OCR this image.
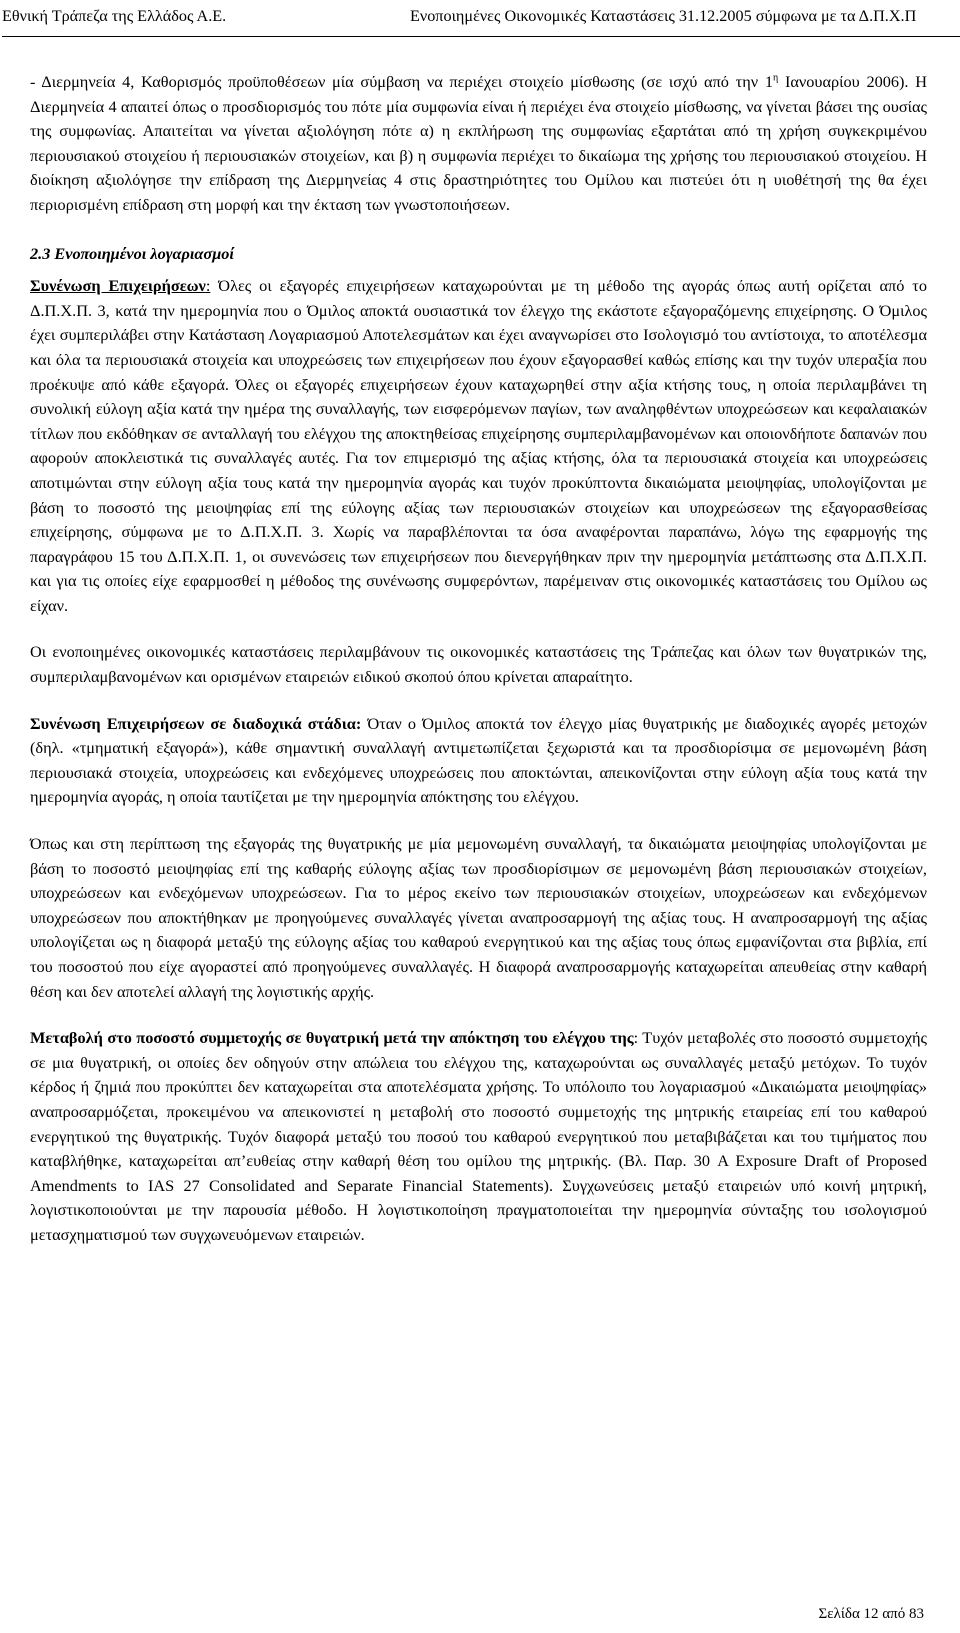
Εθνική Τράπεζα της Ελλάδος Α.Ε.	Ενοποιημένες Οικονομικές Καταστάσεις 31.12.2005 σύμφωνα με τα Δ.Π.Χ.Π

- Διερμηνεία 4, Καθορισμός προϋποθέσεων μία σύμβαση να περιέχει στοιχείο μίσθωσης (σε ισχύ από την $1^\eta$ Ιανουαρίου 2006). Η Διερμηνεία 4 απαιτεί όπως ο προσδιορισμός του πότε μία συμφωνία είναι ή περιέχει ένα στοιχείο μίσθωσης, να γίνεται βάσει της ουσίας της συμφωνίας. Απαιτείται να γίνεται αξιολόγηση πότε α) η εκπλήρωση της συμφωνίας εξαρτάται από τη χρήση συγκεκριμένου περιουσιακού στοιχείου ή περιουσιακών στοιχείων, και β) η συμφωνία περιέχει το δικαίωμα της χρήσης του περιουσιακού στοιχείου. Η διοίκηση αξιολόγησε την επίδραση της Διερμηνείας 4 στις δραστηριότητες του Ομίλου και πιστεύει ότι η υιοθέτησή της θα έχει περιορισμένη επίδραση στη μορφή και την έκταση των γνωστοποιήσεων.

2.3 Ενοποιημένοι λογαριασμοί

Συνένωση Επιχειρήσεων: Όλες οι εξαγορές επιχειρήσεων καταχωρούνται με τη μέθοδο της αγοράς όπως αυτή ορίζεται από το Δ.Π.Χ.Π. 3, κατά την ημερομηνία που ο Όμιλος αποκτά ουσιαστικά τον έλεγχο της εκάστοτε εξαγοραζόμενης επιχείρησης. Ο Όμιλος έχει συμπεριλάβει στην Κατάσταση Λογαριασμού Αποτελεσμάτων και έχει αναγνωρίσει στο Ισολογισμό του αντίστοιχα, το αποτέλεσμα και όλα τα περιουσιακά στοιχεία και υποχρεώσεις των επιχειρήσεων που έχουν εξαγορασθεί καθώς επίσης και την τυχόν υπεραξία που προέκυψε από κάθε εξαγορά. Όλες οι εξαγορές επιχειρήσεων έχουν καταχωρηθεί στην αξία κτήσης τους, η οποία περιλαμβάνει τη συνολική εύλογη αξία κατά την ημέρα της συναλλαγής, των εισφερόμενων παγίων, των αναληφθέντων υποχρεώσεων και κεφαλαιακών τίτλων που εκδόθηκαν σε ανταλλαγή του ελέγχου της αποκτηθείσας επιχείρησης συμπεριλαμβανομένων και οποιονδήποτε δαπανών που αφορούν αποκλειστικά τις συναλλαγές αυτές. Για τον επιμερισμό της αξίας κτήσης, όλα τα περιουσιακά στοιχεία και υποχρεώσεις αποτιμώνται στην εύλογη αξία τους κατά την ημερομηνία αγοράς και τυχόν προκύπτοντα δικαιώματα μειοψηφίας, υπολογίζονται με βάση το ποσοστό της μειοψηφίας επί της εύλογης αξίας των περιουσιακών στοιχείων και υποχρεώσεων της εξαγορασθείσας επιχείρησης, σύμφωνα με το Δ.Π.Χ.Π. 3. Χωρίς να παραβλέπονται τα όσα αναφέρονται παραπάνω, λόγω της εφαρμογής της παραγράφου 15 του Δ.Π.Χ.Π. 1, οι συνενώσεις των επιχειρήσεων που διενεργήθηκαν πριν την ημερομηνία μετάπτωσης στα Δ.Π.Χ.Π. και για τις οποίες είχε εφαρμοσθεί η μέθοδος της συνένωσης συμφερόντων, παρέμειναν στις οικονομικές καταστάσεις του Ομίλου ως είχαν.

Οι ενοποιημένες οικονομικές καταστάσεις περιλαμβάνουν τις οικονομικές καταστάσεις της Τράπεζας και όλων των θυγατρικών της, συμπεριλαμβανομένων και ορισμένων εταιρειών ειδικού σκοπού όπου κρίνεται απαραίτητο.

Συνένωση Επιχειρήσεων σε διαδοχικά στάδια: Όταν ο Όμιλος αποκτά τον έλεγχο μίας θυγατρικής με διαδοχικές αγορές μετοχών (δηλ. «τμηματική εξαγορά»), κάθε σημαντική συναλλαγή αντιμετωπίζεται ξεχωριστά και τα προσδιορίσιμα σε μεμονωμένη βάση περιουσιακά στοιχεία, υποχρεώσεις και ενδεχόμενες υποχρεώσεις που αποκτώνται, απεικονίζονται στην εύλογη αξία τους κατά την ημερομηνία αγοράς, η οποία ταυτίζεται με την ημερομηνία απόκτησης του ελέγχου.

Όπως και στη περίπτωση της εξαγοράς της θυγατρικής με μία μεμονωμένη συναλλαγή, τα δικαιώματα μειοψηφίας υπολογίζονται με βάση το ποσοστό μειοψηφίας επί της καθαρής εύλογης αξίας των προσδιορίσιμων σε μεμονωμένη βάση περιουσιακών στοιχείων, υποχρεώσεων και ενδεχόμενων υποχρεώσεων. Για το μέρος εκείνο των περιουσιακών στοιχείων, υποχρεώσεων και ενδεχόμενων υποχρεώσεων που αποκτήθηκαν με προηγούμενες συναλλαγές γίνεται αναπροσαρμογή της αξίας τους. Η αναπροσαρμογή της αξίας υπολογίζεται ως η διαφορά μεταξύ της εύλογης αξίας του καθαρού ενεργητικού και της αξίας τους όπως εμφανίζονται στα βιβλία, επί του ποσοστού που είχε αγοραστεί από προηγούμενες συναλλαγές. Η διαφορά αναπροσαρμογής καταχωρείται απευθείας στην καθαρή θέση και δεν αποτελεί αλλαγή της λογιστικής αρχής.

Μεταβολή στο ποσοστό συμμετοχής σε θυγατρική μετά την απόκτηση του ελέγχου της: Τυχόν μεταβολές στο ποσοστό συμμετοχής σε μια θυγατρική, οι οποίες δεν οδηγούν στην απώλεια του ελέγχου της, καταχωρούνται ως συναλλαγές μεταξύ μετόχων. Το τυχόν κέρδος ή ζημιά που προκύπτει δεν καταχωρείται στα αποτελέσματα χρήσης. Το υπόλοιπο του λογαριασμού «Δικαιώματα μειοψηφίας» αναπροσαρμόζεται, προκειμένου να απεικονιστεί η μεταβολή στο ποσοστό συμμετοχής της μητρικής εταιρείας επί του καθαρού ενεργητικού της θυγατρικής. Τυχόν διαφορά μεταξύ του ποσού του καθαρού ενεργητικού που μεταβιβάζεται και του τιμήματος που καταβλήθηκε, καταχωρείται απ’ευθείας στην καθαρή θέση του ομίλου της μητρικής. (Βλ. Παρ. 30 A Exposure Draft of Proposed Amendments to IAS 27 Consolidated and Separate Financial Statements). Συγχωνεύσεις μεταξύ εταιρειών υπό κοινή μητρική, λογιστικοποιούνται με την παρουσία μέθοδο. Η λογιστικοποίηση πραγματοποιείται την ημερομηνία σύνταξης του ισολογισμού μετασχηματισμού των συγχωνευόμενων εταιρειών.

Σελίδα 12 από 83
